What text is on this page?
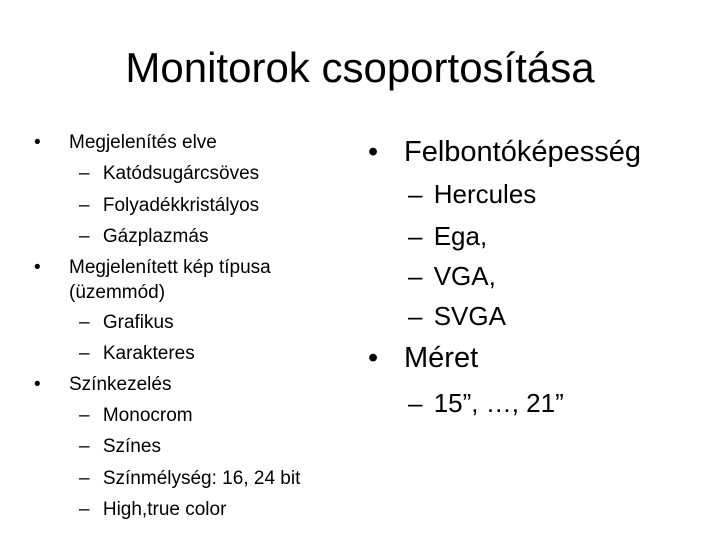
Monitorok csoportosítása
• Megjelenítés elve
– Katódsugárcsöves
– Folyadékkristályos
– Gázplazmás
• Megjelenített kép típusa
(üzemmód)
– Grafikus
– Karakteres
• Színkezelés
– Monocrom
– Színes
– Színmélység: 16, 24 bit
– High,true color
• Felbontóképesség
– Hercules
– Ega,
– VGA,
– SVGA
• Méret
– 15”, …, 21”
